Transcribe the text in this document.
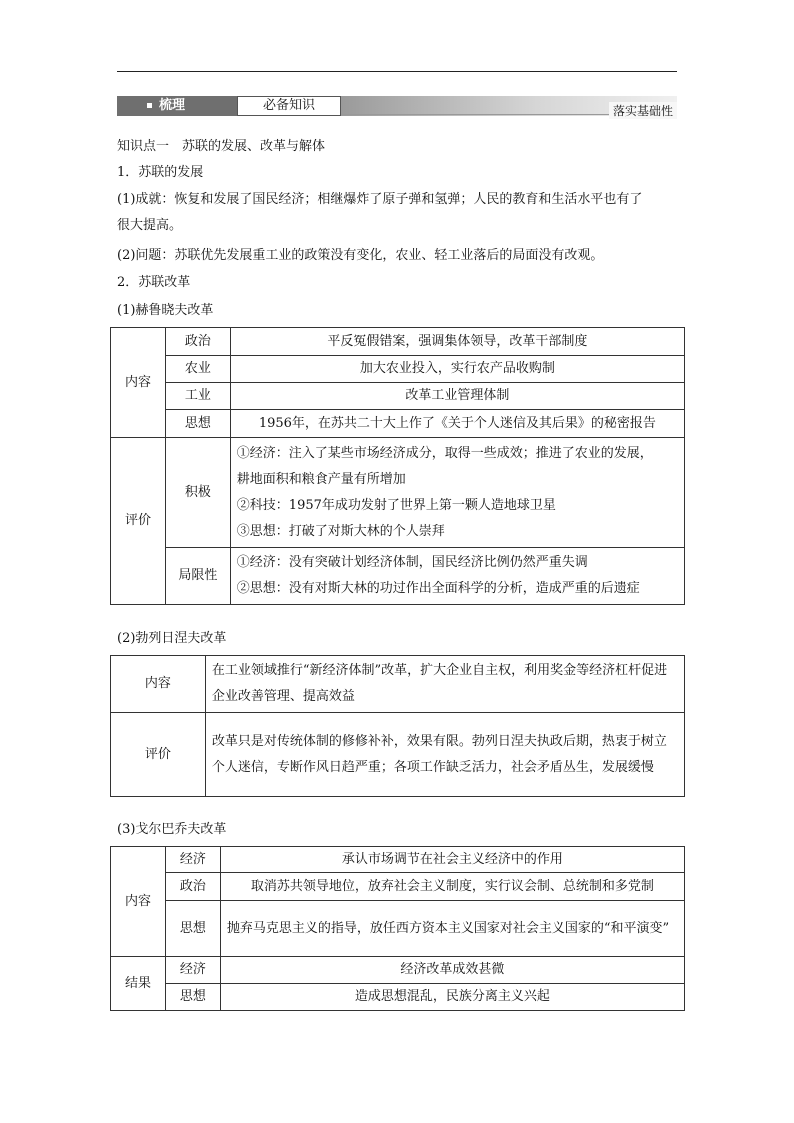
梳理	必备知识	落实基础性
知识点一　苏联的发展、改革与解体
1．苏联的发展
(1)成就：恢复和发展了国民经济；相继爆炸了原子弹和氢弹；人民的教育和生活水平也有了
很大提高。
(2)问题：苏联优先发展重工业的政策没有变化，农业、轻工业落后的局面没有改观。
2．苏联改革
(1)赫鲁晓夫改革
内容	政治	平反冤假错案，强调集体领导，改革干部制度
	农业	加大农业投入，实行农产品收购制
	工业	改革工业管理体制
	思想	1956年，在苏共二十大上作了《关于个人迷信及其后果》的秘密报告
评价	积极	①经济：注入了某些市场经济成分，取得一些成效；推进了农业的发展，
耕地面积和粮食产量有所增加
②科技：1957年成功发射了世界上第一颗人造地球卫星
③思想：打破了对斯大林的个人崇拜

	局限性	①经济：没有突破计划经济体制，国民经济比例仍然严重失调
②思想：没有对斯大林的功过作出全面科学的分析，造成严重的后遗症
(2)勃列日涅夫改革
内容	在工业领域推行“新经济体制”改革，扩大企业自主权，利用奖金等经济杠杆促进企业改善管理、提高效益
评价	改革只是对传统体制的修修补补，效果有限。勃列日涅夫执政后期，热衷于树立个人迷信，专断作风日趋严重；各项工作缺乏活力，社会矛盾丛生，发展缓慢
(3)戈尔巴乔夫改革
内容	经济	承认市场调节在社会主义经济中的作用
	政治	取消苏共领导地位，放弃社会主义制度，实行议会制、总统制和多党制
	思想	抛弃马克思主义的指导，放任西方资本主义国家对社会主义国家的“和平演变”
结果	经济	经济改革成效甚微
	思想	造成思想混乱，民族分离主义兴起
